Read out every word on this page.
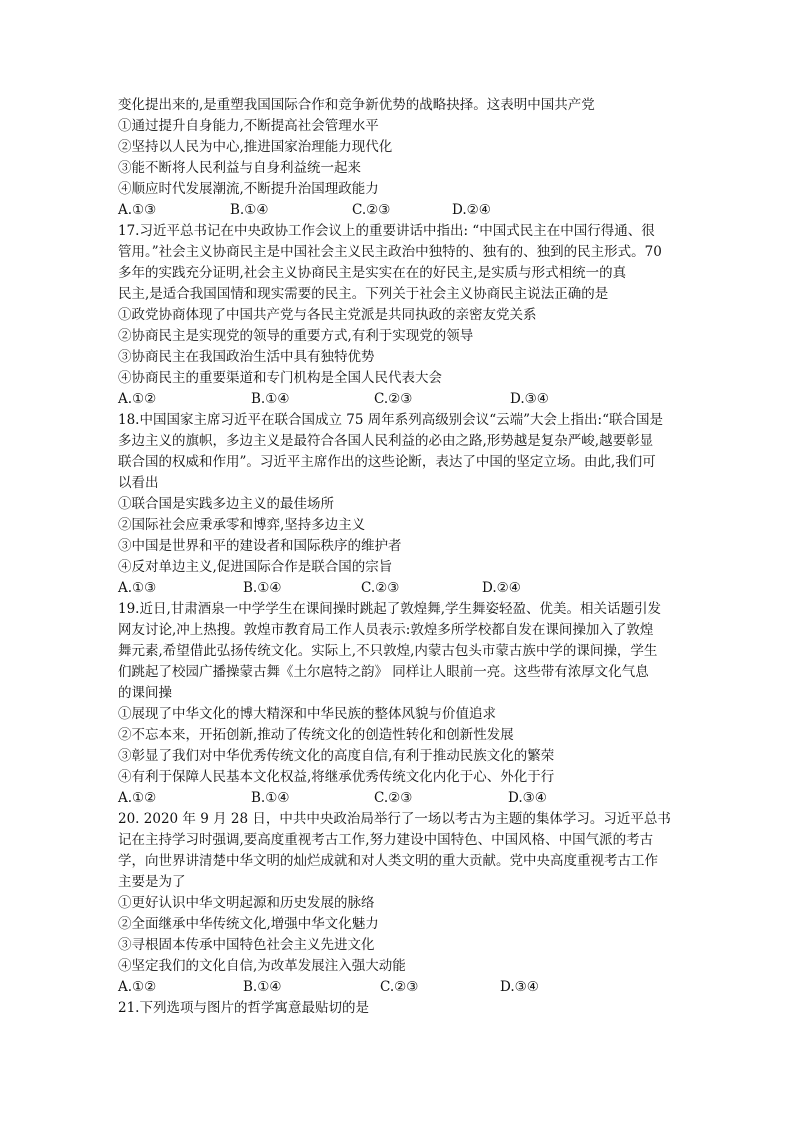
变化提出来的,是重塑我国国际合作和竞争新优势的战略抉择。这表明中国共产党
①通过提升自身能力,不断提高社会管理水平
②坚持以人民为中心,推进国家治理能力现代化
③能不断将人民利益与自身利益统一起来
④顺应时代发展潮流,不断提升治国理政能力
A.①③	B.①④	C.②③	D.②④
17.习近平总书记在中央政协工作会议上的重要讲话中指出: “中国式民主在中国行得通、很
管用。”社会主义协商民主是中国社会主义民主政治中独特的、独有的、独到的民主形式。70
多年的实践充分证明,社会主义协商民主是实实在在的好民主,是实质与形式相统一的真
民主,是适合我国国情和现实需要的民主。下列关于社会主义协商民主说法正确的是
①政党协商体现了中国共产党与各民主党派是共同执政的亲密友党关系
②协商民主是实现党的领导的重要方式,有利于实现党的领导
③协商民主在我国政治生活中具有独特优势
④协商民主的重要渠道和专门机构是全国人民代表大会
A.①②	B.①④	C.②③	D.③④
18.中国国家主席习近平在联合国成立 75 周年系列高级别会议“云端”大会上指出:“联合国是
多边主义的旗帜，多边主义是最符合各国人民利益的必由之路,形势越是复杂严峻,越要彰显
联合国的权威和作用”。习近平主席作出的这些论断，表达了中国的坚定立场。由此,我们可
以看出
①联合国是实践多边主义的最佳场所
②国际社会应秉承零和博弈,坚持多边主义
③中国是世界和平的建设者和国际秩序的维护者
④反对单边主义,促进国际合作是联合国的宗旨
A.①③	B.①④	C.②③	D.②④
19.近日,甘肃酒泉一中学学生在课间操时跳起了敦煌舞,学生舞姿轻盈、优美。相关话题引发
网友讨论,冲上热搜。敦煌市教育局工作人员表示:敦煌多所学校都自发在课间操加入了敦煌
舞元素,希望借此弘扬传统文化。实际上,不只敦煌,内蒙古包头市蒙古族中学的课间操，学生
们跳起了校园广播操蒙古舞《土尔扈特之韵》 同样让人眼前一亮。这些带有浓厚文化气息
的课间操
①展现了中华文化的博大精深和中华民族的整体风貌与价值追求
②不忘本来，开拓创新,推动了传统文化的创造性转化和创新性发展
③彰显了我们对中华优秀传统文化的高度自信,有利于推动民族文化的繁荣
④有利于保障人民基本文化权益,将继承优秀传统文化内化于心、外化于行
A.①②	B.①④	C.②③	D.③④
20. 2020 年 9 月 28 日，中共中央政治局举行了一场以考古为主题的集体学习。习近平总书
记在主持学习时强调,要高度重视考古工作,努力建设中国特色、中国风格、中国气派的考古
学，向世界讲清楚中华文明的灿烂成就和对人类文明的重大贡献。党中央高度重视考古工作
主要是为了
①更好认识中华文明起源和历史发展的脉络
②全面继承中华传统文化,增强中华文化魅力
③寻根固本传承中国特色社会主义先进文化
④坚定我们的文化自信,为改革发展注入强大动能
A.①②	B.①④	C.②③	D.③④
21.下列选项与图片的哲学寓意最贴切的是
